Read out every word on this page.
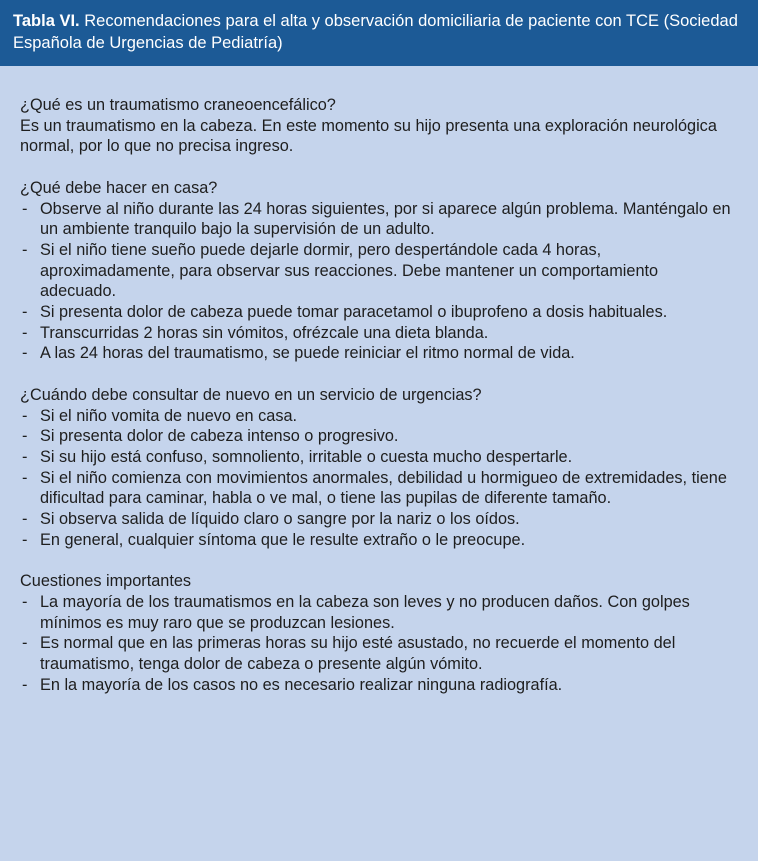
Tabla VI. Recomendaciones para el alta y observación domiciliaria de paciente con TCE (Sociedad Española de Urgencias de Pediatría)

¿Qué es un traumatismo craneoencefálico?

Es un traumatismo en la cabeza. En este momento su hijo presenta una exploración neurológica normal, por lo que no precisa ingreso.

¿Qué debe hacer en casa?

- Observe al niño durante las 24 horas siguientes, por si aparece algún problema. Manténgalo en un ambiente tranquilo bajo la supervisión de un adulto.
- Si el niño tiene sueño puede dejarle dormir, pero despertándole cada 4 horas, aproximadamente, para observar sus reacciones. Debe mantener un comportamiento adecuado.
- Si presenta dolor de cabeza puede tomar paracetamol o ibuprofeno a dosis habituales.
- Transcurridas 2 horas sin vómitos, ofrézcale una dieta blanda.
- A las 24 horas del traumatismo, se puede reiniciar el ritmo normal de vida.

¿Cuándo debe consultar de nuevo en un servicio de urgencias?

- Si el niño vomita de nuevo en casa.
- Si presenta dolor de cabeza intenso o progresivo.
- Si su hijo está confuso, somnoliento, irritable o cuesta mucho despertarle.
- Si el niño comienza con movimientos anormales, debilidad u hormigueo de extremidades, tiene dificultad para caminar, habla o ve mal, o tiene las pupilas de diferente tamaño.
- Si observa salida de líquido claro o sangre por la nariz o los oídos.
- En general, cualquier síntoma que le resulte extraño o le preocupe.

Cuestiones importantes

- La mayoría de los traumatismos en la cabeza son leves y no producen daños. Con golpes mínimos es muy raro que se produzcan lesiones.
- Es normal que en las primeras horas su hijo esté asustado, no recuerde el momento del traumatismo, tenga dolor de cabeza o presente algún vómito.
- En la mayoría de los casos no es necesario realizar ninguna radiografía.
